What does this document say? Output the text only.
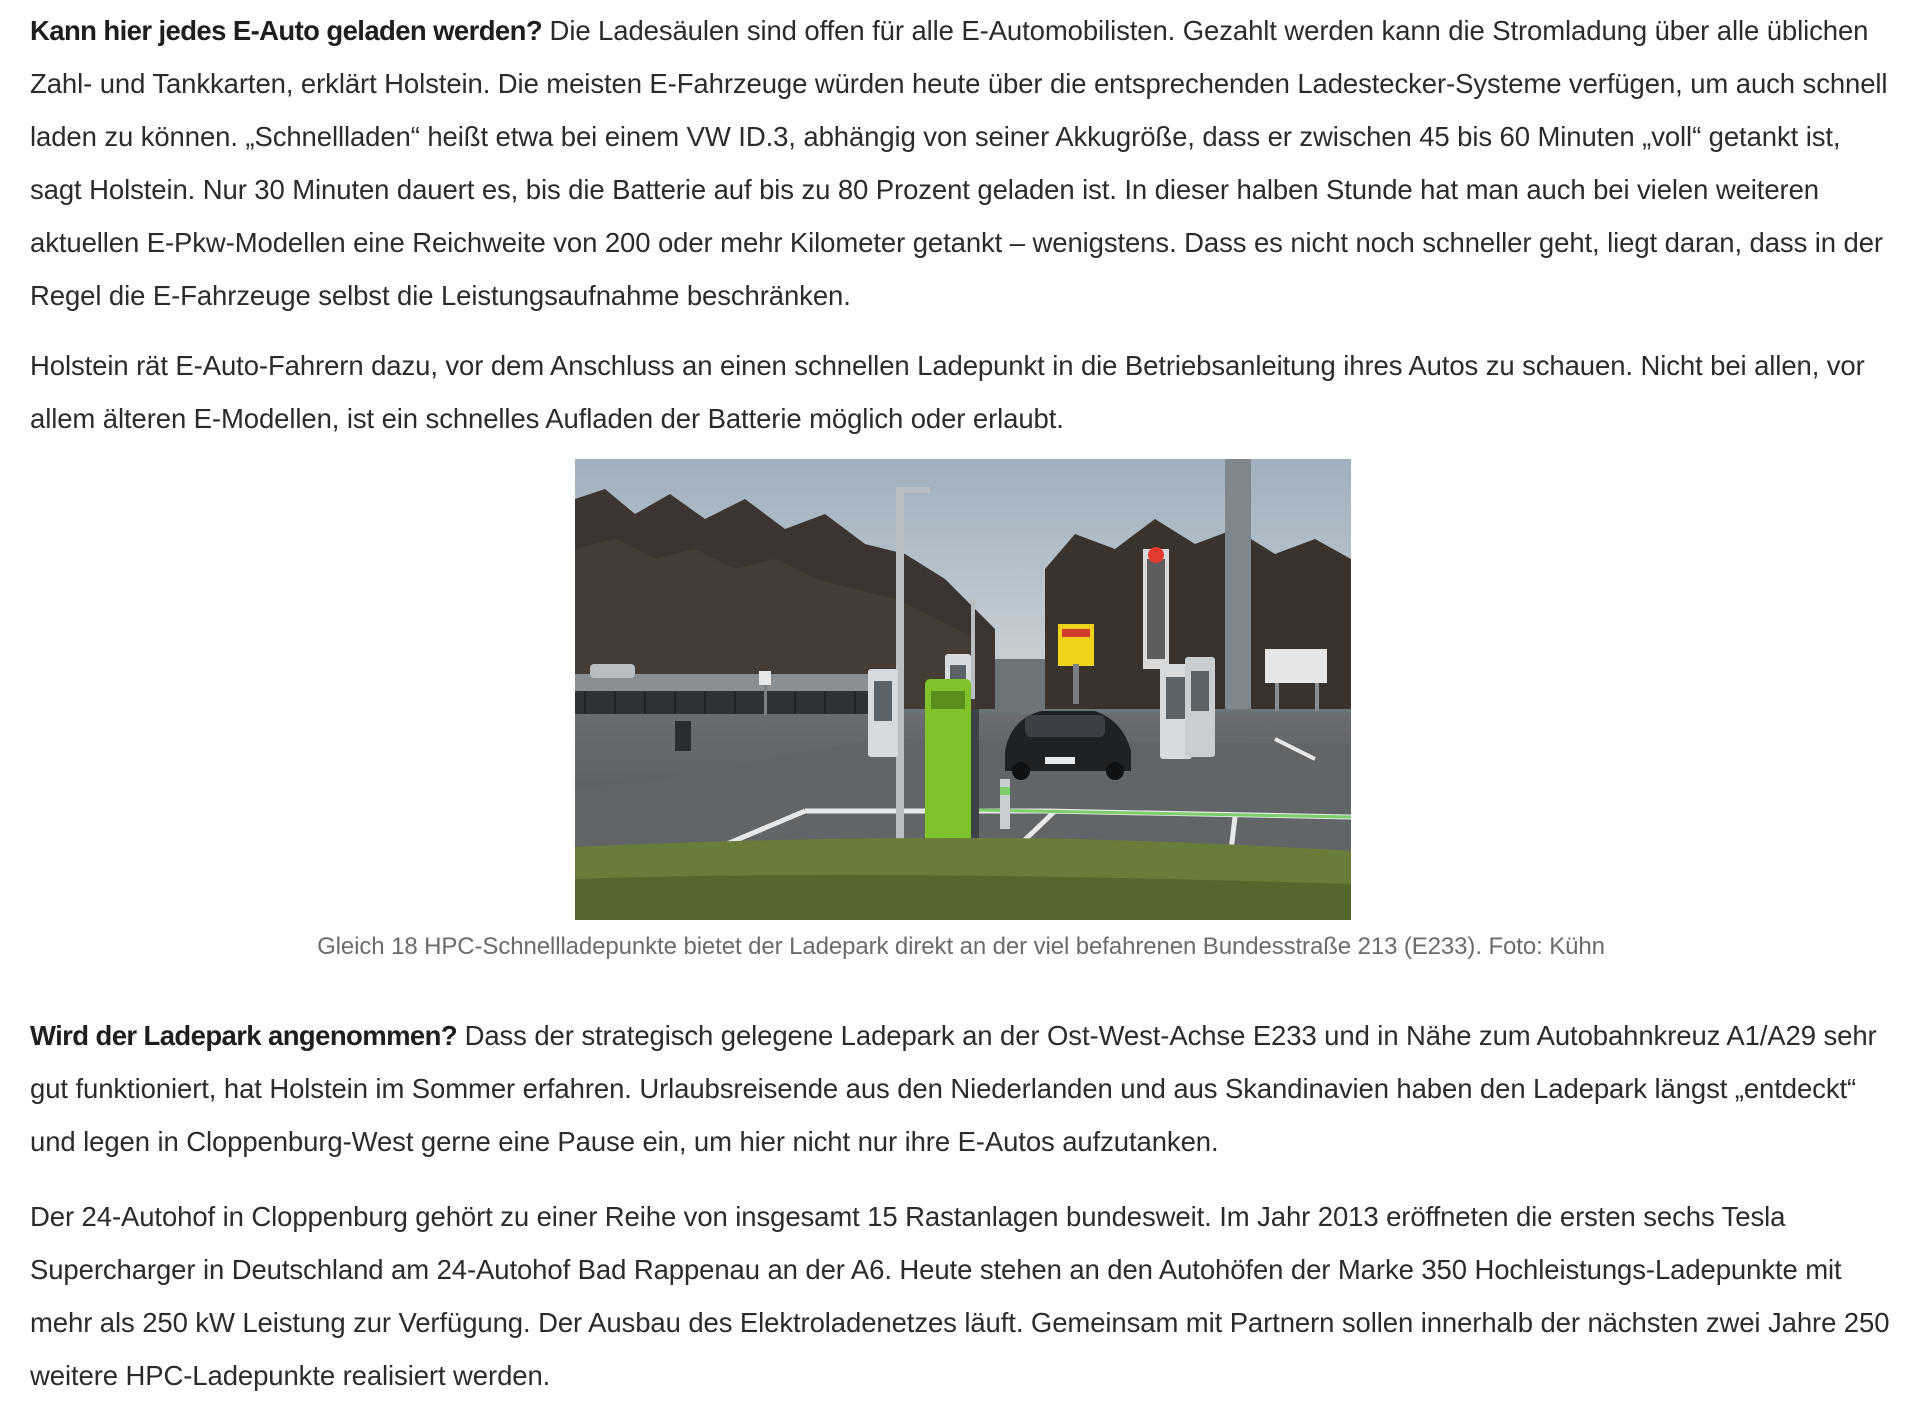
Kann hier jedes E-Auto geladen werden? Die Ladesäulen sind offen für alle E-Automobilisten. Gezahlt werden kann die Stromladung über alle üblichen Zahl- und Tankkarten, erklärt Holstein. Die meisten E-Fahrzeuge würden heute über die entsprechenden Ladestecker-Systeme verfügen, um auch schnell laden zu können. „Schnellladen“ heißt etwa bei einem VW ID.3, abhängig von seiner Akkugröße, dass er zwischen 45 bis 60 Minuten „voll“ getankt ist, sagt Holstein. Nur 30 Minuten dauert es, bis die Batterie auf bis zu 80 Prozent geladen ist. In dieser halben Stunde hat man auch bei vielen weiteren aktuellen E-Pkw-Modellen eine Reichweite von 200 oder mehr Kilometer getankt – wenigstens. Dass es nicht noch schneller geht, liegt daran, dass in der Regel die E-Fahrzeuge selbst die Leistungsaufnahme beschränken.

Holstein rät E-Auto-Fahrern dazu, vor dem Anschluss an einen schnellen Ladepunkt in die Betriebsanleitung ihres Autos zu schauen. Nicht bei allen, vor allem älteren E-Modellen, ist ein schnelles Aufladen der Batterie möglich oder erlaubt.

Gleich 18 HPC-Schnellladepunkte bietet der Ladepark direkt an der viel befahrenen Bundesstraße 213 (E233). Foto: Kühn

Wird der Ladepark angenommen? Dass der strategisch gelegene Ladepark an der Ost-West-Achse E233 und in Nähe zum Autobahnkreuz A1/A29 sehr gut funktioniert, hat Holstein im Sommer erfahren. Urlaubsreisende aus den Niederlanden und aus Skandinavien haben den Ladepark längst „entdeckt“ und legen in Cloppenburg-West gerne eine Pause ein, um hier nicht nur ihre E-Autos aufzutanken.

Der 24-Autohof in Cloppenburg gehört zu einer Reihe von insgesamt 15 Rastanlagen bundesweit. Im Jahr 2013 eröffneten die ersten sechs Tesla Supercharger in Deutschland am 24-Autohof Bad Rappenau an der A6. Heute stehen an den Autohöfen der Marke 350 Hochleistungs-Ladepunkte mit mehr als 250 kW Leistung zur Verfügung. Der Ausbau des Elektroladenetzes läuft. Gemeinsam mit Partnern sollen innerhalb der nächsten zwei Jahre 250 weitere HPC-Ladepunkte realisiert werden.
